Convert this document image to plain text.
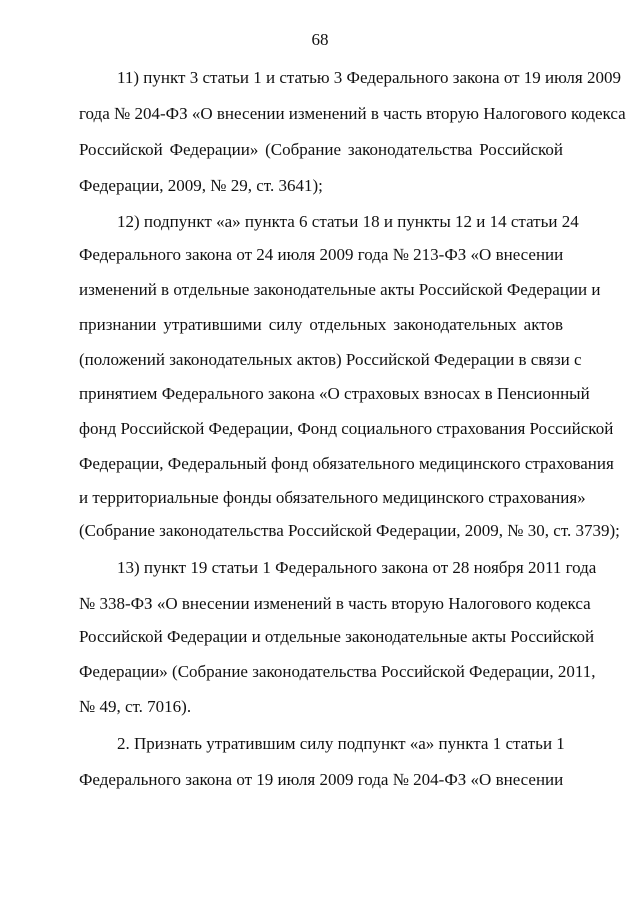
68
11) пункт 3 статьи 1 и статью 3 Федерального закона от 19 июля 2009
года № 204-ФЗ «О внесении изменений в часть вторую Налогового кодекса
Российской Федерации» (Собрание законодательства Российской
Федерации, 2009, № 29, ст. 3641);
12) подпункт «а» пункта 6 статьи 18 и пункты 12 и 14 статьи 24
Федерального закона от 24 июля 2009 года № 213-ФЗ «О внесении
изменений в отдельные законодательные акты Российской Федерации и
признании утратившими силу отдельных законодательных актов
(положений законодательных актов) Российской Федерации в связи с
принятием Федерального закона «О страховых взносах в Пенсионный
фонд Российской Федерации, Фонд социального страхования Российской
Федерации, Федеральный фонд обязательного медицинского страхования
и территориальные фонды обязательного медицинского страхования»
(Собрание законодательства Российской Федерации, 2009, № 30, ст. 3739);
13) пункт 19 статьи 1 Федерального закона от 28 ноября 2011 года
№ 338-ФЗ «О внесении изменений в часть вторую Налогового кодекса
Российской Федерации и отдельные законодательные акты Российской
Федерации» (Собрание законодательства Российской Федерации, 2011,
№ 49, ст. 7016).
2. Признать утратившим силу подпункт «а» пункта 1 статьи 1
Федерального закона от 19 июля 2009 года № 204-ФЗ «О внесении
